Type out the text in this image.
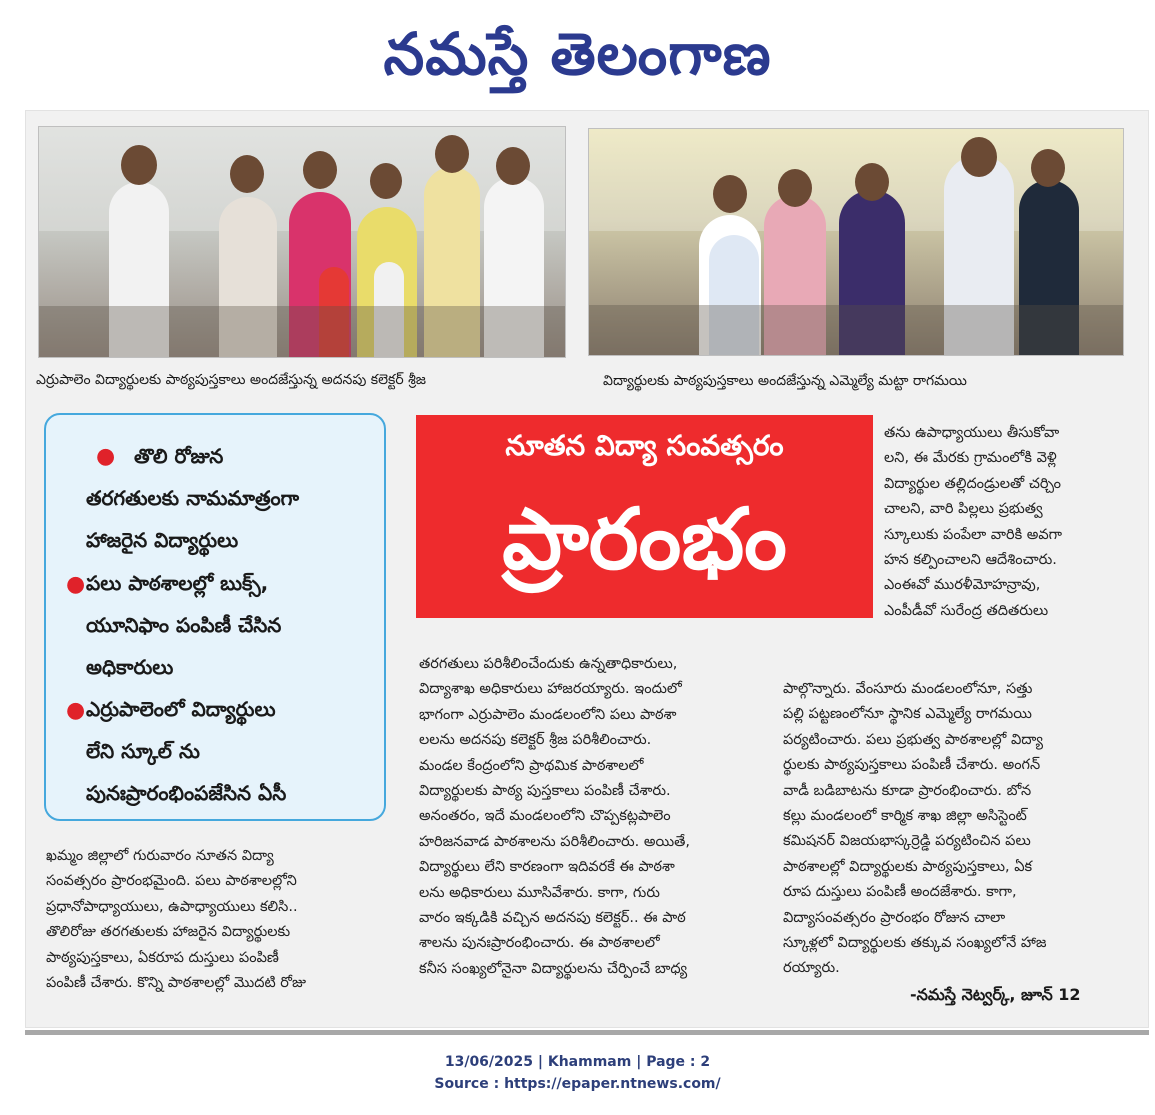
నమస్తే తెలంగాణ
ఎర్రుపాలెం విద్యార్థులకు పాఠ్యపుస్తకాలు అందజేస్తున్న అదనపు కలెక్టర్ శ్రీజ	విద్యార్థులకు పాఠ్యపుస్తకాలు అందజేస్తున్న ఎమ్మెల్యే మట్టా రాగమయి
● తొలి రోజున
తరగతులకు నామమాత్రంగా
హాజరైన విద్యార్థులు
● పలు పాఠశాలల్లో బుక్స్,
యూనిఫాం పంపిణీ చేసిన
అధికారులు
● ఎర్రుపాలెంలో విద్యార్థులు
లేని స్కూల్ ను
పునఃప్రారంభింపజేసిన ఏసీ
నూతన విద్యా సంవత్సరం
ప్రారంభం
ఖమ్మం జిల్లాలో గురువారం నూతన విద్యా
సంవత్సరం ప్రారంభమైంది. పలు పాఠశాలల్లోని
ప్రధానోపాధ్యాయులు, ఉపాధ్యాయులు కలిసి..
తొలిరోజు తరగతులకు హాజరైన విద్యార్థులకు
పాఠ్యపుస్తకాలు, ఏకరూప దుస్తులు పంపిణీ
పంపిణీ చేశారు. కొన్ని పాఠశాలల్లో మొదటి రోజు
తరగతులు పరిశీలించేందుకు ఉన్నతాధికారులు,
విద్యాశాఖ అధికారులు హాజరయ్యారు. ఇందులో
భాగంగా ఎర్రుపాలెం మండలంలోని పలు పాఠశా
లలను అదనపు కలెక్టర్ శ్రీజ పరిశీలించారు.
మండల కేంద్రంలోని ప్రాథమిక పాఠశాలలో
విద్యార్థులకు పాఠ్య పుస్తకాలు పంపిణీ చేశారు.
అనంతరం, ఇదే మండలంలోని చొప్పకట్లపాలెం
హరిజనవాడ పాఠశాలను పరిశీలించారు. అయితే,
విద్యార్థులు లేని కారణంగా ఇదివరకే ఈ పాఠశా
లను అధికారులు మూసివేశారు. కాగా, గురు
వారం ఇక్కడికి వచ్చిన అదనపు కలెక్టర్.. ఈ పాఠ
శాలను పునఃప్రారంభించారు. ఈ పాఠశాలలో
కనీస సంఖ్యలోనైనా విద్యార్థులను చేర్పించే బాధ్య
పాల్గొన్నారు. వేంసూరు మండలంలోనూ, సత్తు
పల్లి పట్టణంలోనూ స్థానిక ఎమ్మెల్యే రాగమయి
పర్యటించారు. పలు ప్రభుత్వ పాఠశాలల్లో విద్యా
ర్థులకు పాఠ్యపుస్తకాలు పంపిణీ చేశారు. అంగన్
వాడీ బడిబాటను కూడా ప్రారంభించారు. బోన
కల్లు మండలంలో కార్మిక శాఖ జిల్లా అసిస్టెంట్
కమిషనర్ విజయభాస్కర్రెడ్డి పర్యటించిన పలు
పాఠశాలల్లో విద్యార్థులకు పాఠ్యపుస్తకాలు, ఏక
రూప దుస్తులు పంపిణీ అందజేశారు. కాగా,
విద్యాసంవత్సరం ప్రారంభం రోజున చాలా
స్కూళ్లలో విద్యార్థులకు తక్కువ సంఖ్యలోనే హాజ
రయ్యారు.
తను ఉపాధ్యాయులు తీసుకోవా
లని, ఈ మేరకు గ్రామంలోకి వెళ్లి
విద్యార్థుల తల్లిదండ్రులతో చర్చిం
చాలని, వారి పిల్లలు ప్రభుత్వ
స్కూలుకు పంపేలా వారికి అవగా
హన కల్పించాలని ఆదేశించారు.
ఎంఈవో మురళీమోహన్రావు,
ఎంపీడీవో సురేంద్ర తదితరులు
-నమస్తే నెట్వర్క్, జూన్ 12
13/06/2025 | Khammam | Page : 2
Source : https://epaper.ntnews.com/
